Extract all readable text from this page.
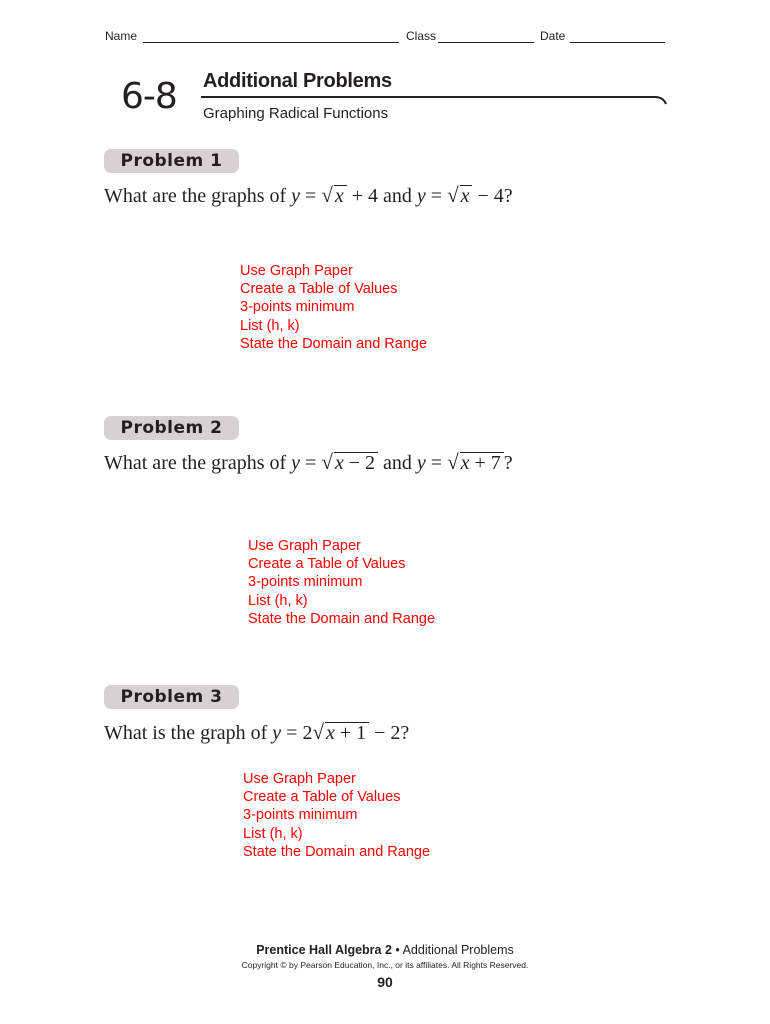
Name	Class	Date
6-8 Additional Problems
Graphing Radical Functions
Problem 1
What are the graphs of
y = √ x + 4 and y = √ x − 4?
Use Graph Paper
Create a Table of Values
3-points minimum
List (h, k)
State the Domain and Range
Problem 2
What are the graphs of
y = √ x − 2 and y = √ x + 7 ?
Use Graph Paper
Create a Table of Values
3-points minimum
List (h, k)
State the Domain and Range
Problem 3
What is the graph of
y = 2 √ x + 1 − 2?
Use Graph Paper
Create a Table of Values
3-points minimum
List (h, k)
State the Domain and Range
Prentice Hall Algebra 2 • Additional Problems
Copyright © by Pearson Education, Inc., or its affiliates. All Rights Reserved.
90
